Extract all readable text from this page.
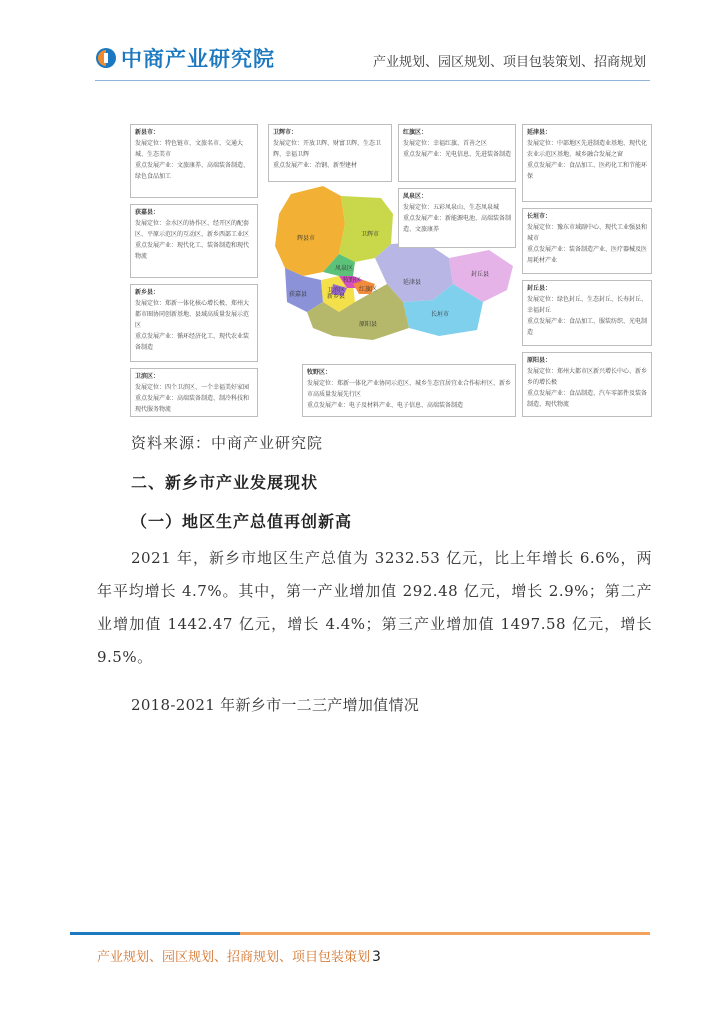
中商产业研究院	产业规划、园区规划、项目包装策划、招商规划
辉县市
卫辉市
凤泉区
牧野区
红旗区
卫滨区
获嘉县	新乡县
延津县
封丘县
长垣市
原阳县
新县市：
发展定位：特色链市、文旅名市、交通大城、生态美市
重点发展产业：文旅康养、高端装备制造、绿色食品加工
获嘉县：
发展定位：金水区的协作区、经开区的配套区、平原示范区的互动区、新乡西部工业区
重点发展产业：现代化工、装备制造和现代物流
新乡县：
发展定位：郑新一体化核心增长极、郑州大都市圈协同创新基地、县域高质量发展示范区
重点发展产业：循环经济化工、现代农业装备制造
卫滨区：
发展定位：四个卫滨区、一个幸福美好家园
重点发展产业：高端装备制造、制冷科技和现代服务物流
卫辉市：
发展定位：开放卫辉、财富卫辉、生态卫辉、幸福卫辉
重点发展产业：冶钢、新型建材
红旗区：
发展定位：幸福红旗、首善之区
重点发展产业：光电信息、先进装备制造
凤泉区：
发展定位：五彩凤泉山、生态凤泉城
重点发展产业：新能源电池、高端装备制造、文旅康养
延津县：
发展定位：中部地区先进制造业基地、现代化农业示范区基地、城乡融合发展之窗
重点发展产业：食品加工、医药化工和节能环保
长垣市：
发展定位：豫东市域副中心、现代工业强县和城市
重点发展产业：装备制造产业、医疗器械及医用耗材产业
封丘县：
发展定位：绿色封丘、生态封丘、长寿封丘、幸福封丘
重点发展产业：食品加工、服装纺织、光电制造
原阳县：
发展定位：郑州大都市区新兴增长中心、新乡乡的增长极
重点发展产业：食品制造、汽车零部件及装备制造、现代物流
牧野区：
发展定位：郑新一体化产业协同示范区、城乡生态宜居宜业合作标杆区、新乡市高质量发展先行区
重点发展产业：电子及材料产业、电子信息、高端装备制造
资料来源：中商产业研究院
二、新乡市产业发展现状
（一）地区生产总值再创新高
2021 年，新乡市地区生产总值为 3232.53 亿元，比上年增长 6.6%，两年平均增长 4.7%。其中，第一产业增加值 292.48 亿元，增长 2.9%；第二产业增加值 1442.47 亿元，增长 4.4%；第三产业增加值 1497.58 亿元，增长 9.5%。
2018-2021 年新乡市一二三产增加值情况
产业规划、园区规划、招商规划、项目包装策划 3
